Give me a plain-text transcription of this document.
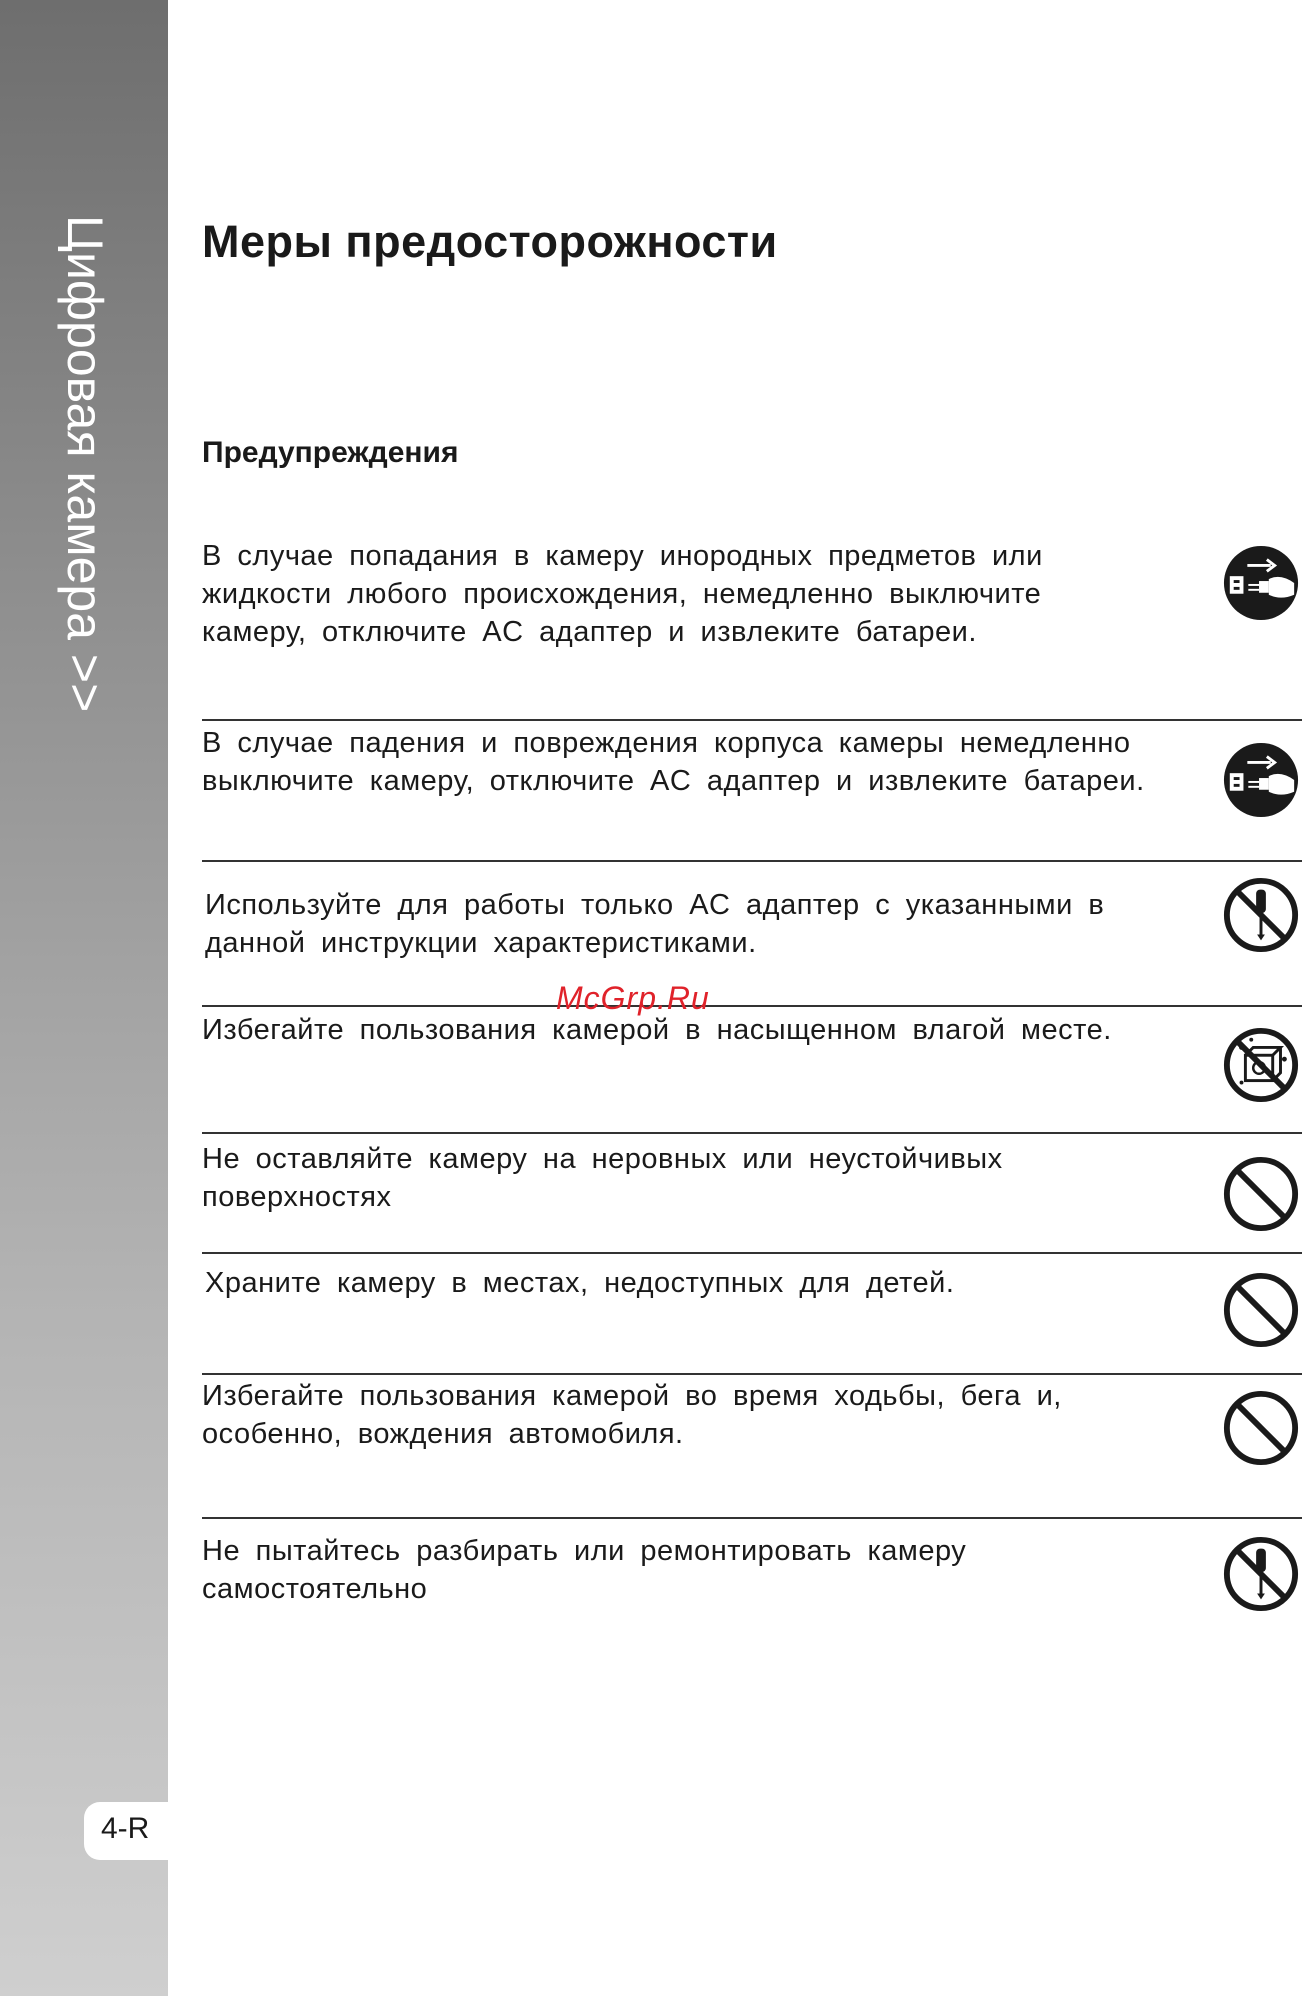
Цифровая камера >>
4-R
Меры предосторожности
Предупреждения

В случае попадания в камеру инородных предметов или жидкости любого происхождения, немедленно выключите камеру, отключите AC адаптер и извлеките батареи.

В случае падения и повреждения корпуса камеры немедленно выключите камеру, отключите AC адаптер и извлеките батареи.

Используйте для работы только AC адаптер с указанными в данной инструкции характеристиками.

Избегайте пользования камерой в насыщенном влагой месте.

Не оставляйте камеру на неровных или неустойчивых поверхностях

Храните камеру в местах, недоступных для детей.

Избегайте пользования камерой во время ходьбы, бега и, особенно, вождения автомобиля.

Не пытайтесь разбирать или ремонтировать камеру самостоятельно

McGrp.Ru
